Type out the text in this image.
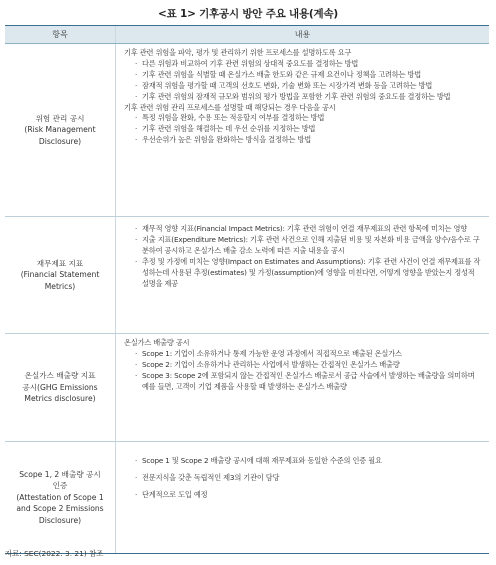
<표 1> 기후공시 방안 주요 내용(계속)
항목	내용
위험 관리 공시
(Risk Management
Disclosure)
기후 관련 위험을 파악, 평가 및 관리하기 위한 프로세스를 설명하도록 요구
· 다른 위험과 비교하여 기후 관련 위험의 상대적 중요도를 결정하는 방법
· 기후 관련 위험을 식별할 때 온실가스 배출 한도와 같은 규제 요건이나 정책을 고려하는 방법
· 잠재적 위험을 평가할 때 고객의 선호도 변화, 기술 변화 또는 시장가격 변화 등을 고려하는 방법
· 기후 관련 위험의 잠재적 규모와 범위의 평가 방법을 포함한 기후 관련 위험의 중요도를 결정하는 방법
기후 관련 위험 관리 프로세스를 설명할 때 해당되는 경우 다음을 공시
· 특정 위험을 완화, 수용 또는 적응할지 여부를 결정하는 방법
· 기후 관련 위험을 해결하는 데 우선 순위를 지정하는 방법
· 우선순위가 높은 위험을 완화하는 방식을 결정하는 방법
재무제표 지표
(Financial Statement
Metrics)
· 재무적 영향 지표(Financial Impact Metrics): 기후 관련 위험이 연결 재무제표의 관련 항목에 미치는 영향
· 지출 지표(Expenditure Metrics): 기후 관련 사건으로 인해 지출된 비용 및 자본화 비용 금액을 양수/음수로 구분하여 공시하고 온실가스 배출 감소 노력에 따른 지출 내용을 공시
· 추정 및 가정에 미치는 영향(Impact on Estimates and Assumptions): 기후 관련 사건이 연결 재무제표를 작성하는데 사용된 추정(estimates) 및 가정(assumption)에 영향을 미친다면, 어떻게 영향을 받았는지 정성적 설명을 제공
온실가스 배출량 지표
공시(GHG Emissions
Metrics disclosure)
온실가스 배출량 공시
· Scope 1: 기업이 소유하거나 통제 가능한 운영 과정에서 직접적으로 배출된 온실가스
· Scope 2: 기업이 소유하거나 관리하는 사업에서 발생하는 간접적인 온실가스 배출량
· Scope 3: Scope 2에 포함되지 않는 간접적인 온실가스 배출로서 공급 사슬에서 발생하는 배출량을 의미하며 예를 들면, 고객이 기업 제품을 사용할 때 발생하는 온실가스 배출량
Scope 1, 2 배출량 공시
인증
(Attestation of Scope 1
and Scope 2 Emissions
Disclosure)
· Scope 1 및 Scope 2 배출량 공시에 대해 재무제표와 동일한 수준의 인증 필요
· 전문지식을 갖춘 독립적인 제3의 기관이 담당
· 단계적으로 도입 예정
자료: SEC(2022. 3. 21) 참조
